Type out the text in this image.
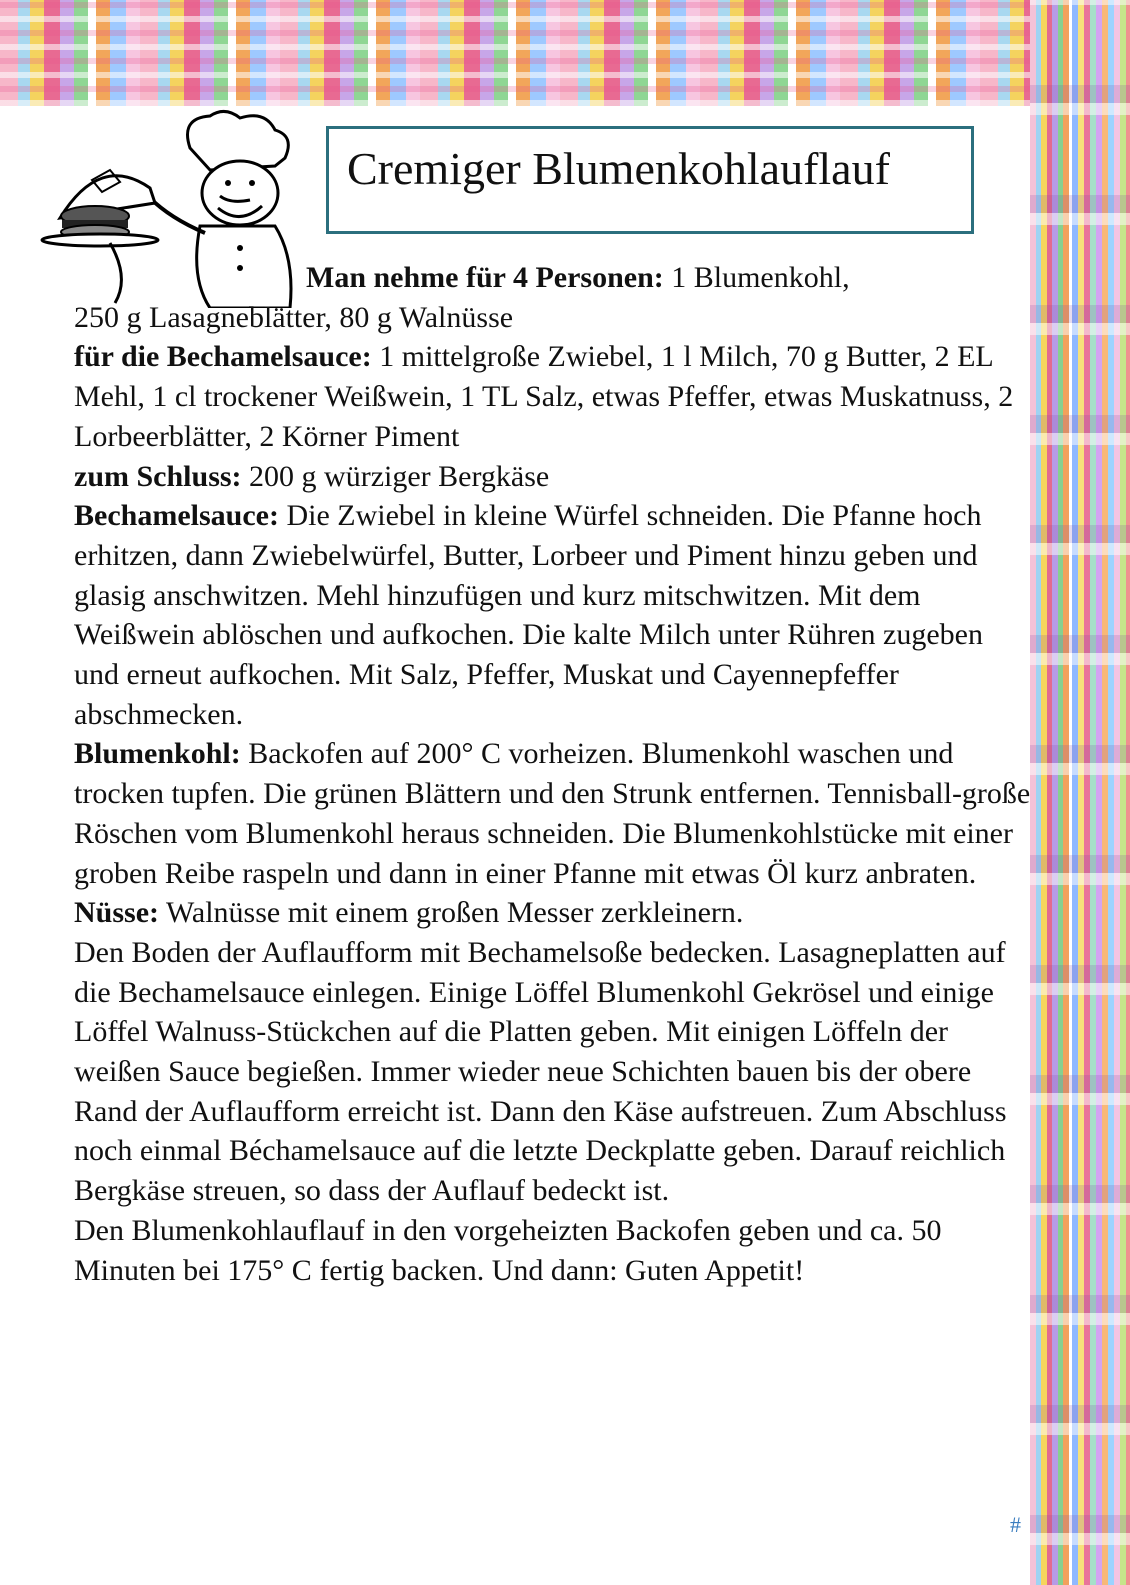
Cremiger Blumenkohlauflauf

Man nehme für 4 Personen: 1 Blumenkohl,

250 g Lasagneblätter, 80 g Walnüsse

für die Bechamelsauce: 1 mittelgroße Zwiebel, 1 l Milch, 70 g Butter, 2 EL Mehl, 1 cl trockener Weißwein, 1 TL Salz, etwas Pfeffer, etwas Muskatnuss, 2 Lorbeerblätter, 2 Körner Piment

zum Schluss: 200 g würziger Bergkäse

Bechamelsauce: Die Zwiebel in kleine Würfel schneiden. Die Pfanne hoch erhitzen, dann Zwiebelwürfel, Butter, Lorbeer und Piment hinzu geben und glasig anschwitzen. Mehl hinzufügen und kurz mitschwitzen. Mit dem Weißwein ablöschen und aufkochen. Die kalte Milch unter Rühren zugeben und erneut aufkochen. Mit Salz, Pfeffer, Muskat und Cayennepfeffer abschmecken.

Blumenkohl: Backofen auf 200° C vorheizen. Blumenkohl waschen und trocken tupfen. Die grünen Blättern und den Strunk entfernen. Tennisball-große Röschen vom Blumenkohl heraus schneiden. Die Blumenkohlstücke mit einer groben Reibe raspeln und dann in einer Pfanne mit etwas Öl kurz anbraten.

Nüsse: Walnüsse mit einem großen Messer zerkleinern.

Den Boden der Auflaufform mit Bechamelsoße bedecken. Lasagneplatten auf die Bechamelsauce einlegen. Einige Löffel Blumenkohl Gekrösel und einige Löffel Walnuss-Stückchen auf die Platten geben. Mit einigen Löffeln der weißen Sauce begießen. Immer wieder neue Schichten bauen bis der obere Rand der Auflaufform erreicht ist. Dann den Käse aufstreuen. Zum Abschluss noch einmal Béchamelsauce auf die letzte Deckplatte geben. Darauf reichlich Bergkäse streuen, so dass der Auflauf bedeckt ist.

Den Blumenkohlauflauf in den vorgeheizten Backofen geben und ca. 50 Minuten bei 175° C fertig backen. Und dann: Guten Appetit!

#
